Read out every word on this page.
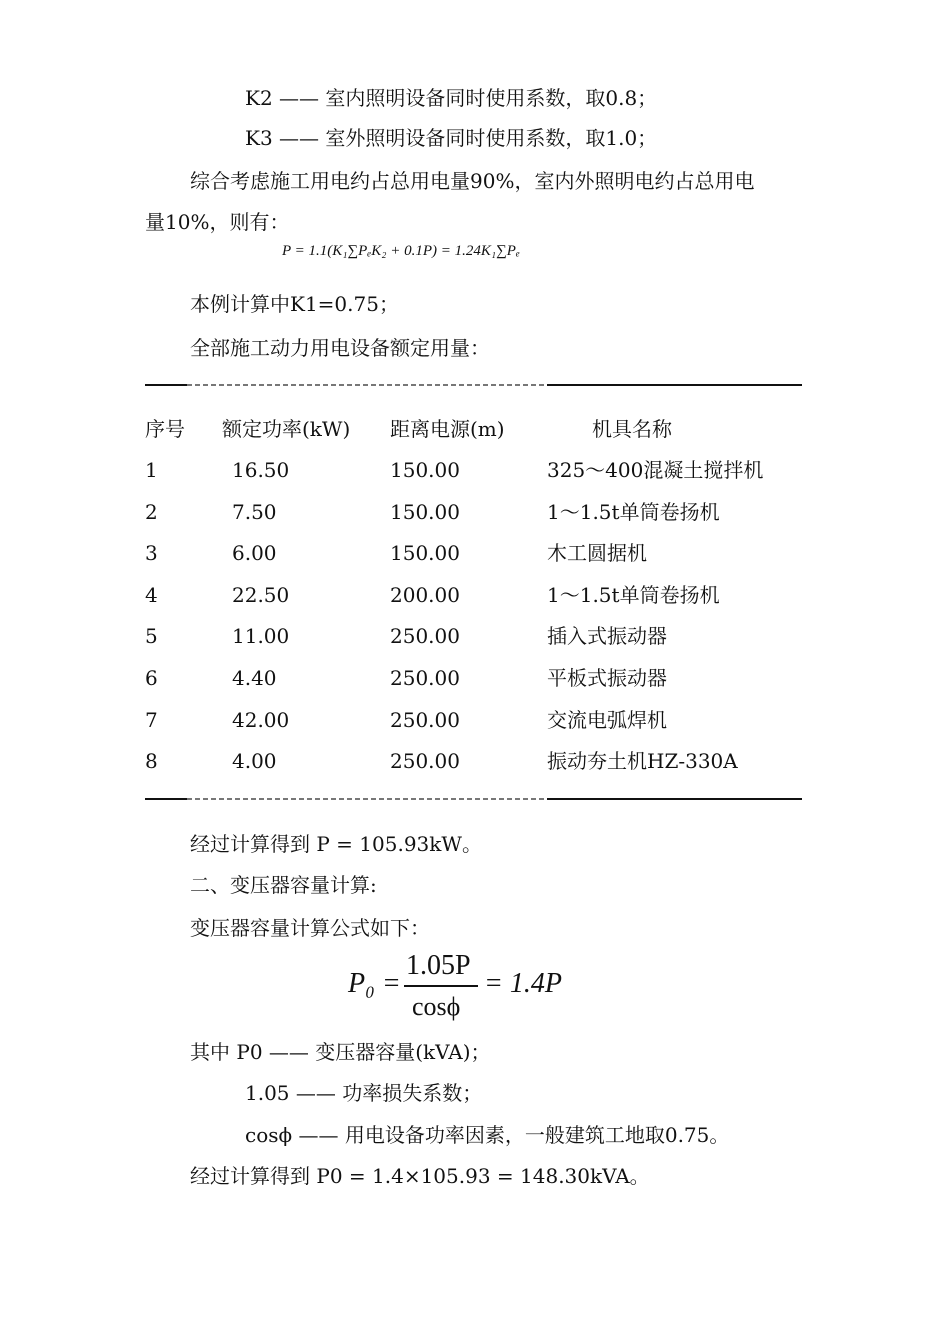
K2 —— 室内照明设备同时使用系数，取0.8；
K3 —— 室外照明设备同时使用系数，取1.0；
综合考虑施工用电约占总用电量90%，室内外照明电约占总用电
量10%，则有：
P = 1.1(K₁∑PₑK₂ + 0.1P) = 1.24K₁∑Pₑ
本例计算中K1=0.75；
全部施工动力用电设备额定用量：
序号 额定功率(kW) 距离电源(m)	机具名称
1	16.50	150.00	325～400混凝土搅拌机
2	7.50	150.00	1～1.5t单筒卷扬机
3	6.00	150.00	木工圆据机
4	22.50	200.00	1～1.5t单筒卷扬机
5	11.00	250.00	插入式振动器
6	4.40	250.00	平板式振动器
7	42.00	250.00	交流电弧焊机
8	4.00	250.00	振动夯土机HZ-330A
经过计算得到 P = 105.93kW。
二、变压器容量计算:
变压器容量计算公式如下：
P₀ =
1.05P
cosϕ
= 1.4P
其中 P0 —— 变压器容量(kVA)；
1.05 —— 功率损失系数；
cosϕ —— 用电设备功率因素，一般建筑工地取0.75。
经过计算得到 P0 = 1.4×105.93 = 148.30kVA。
